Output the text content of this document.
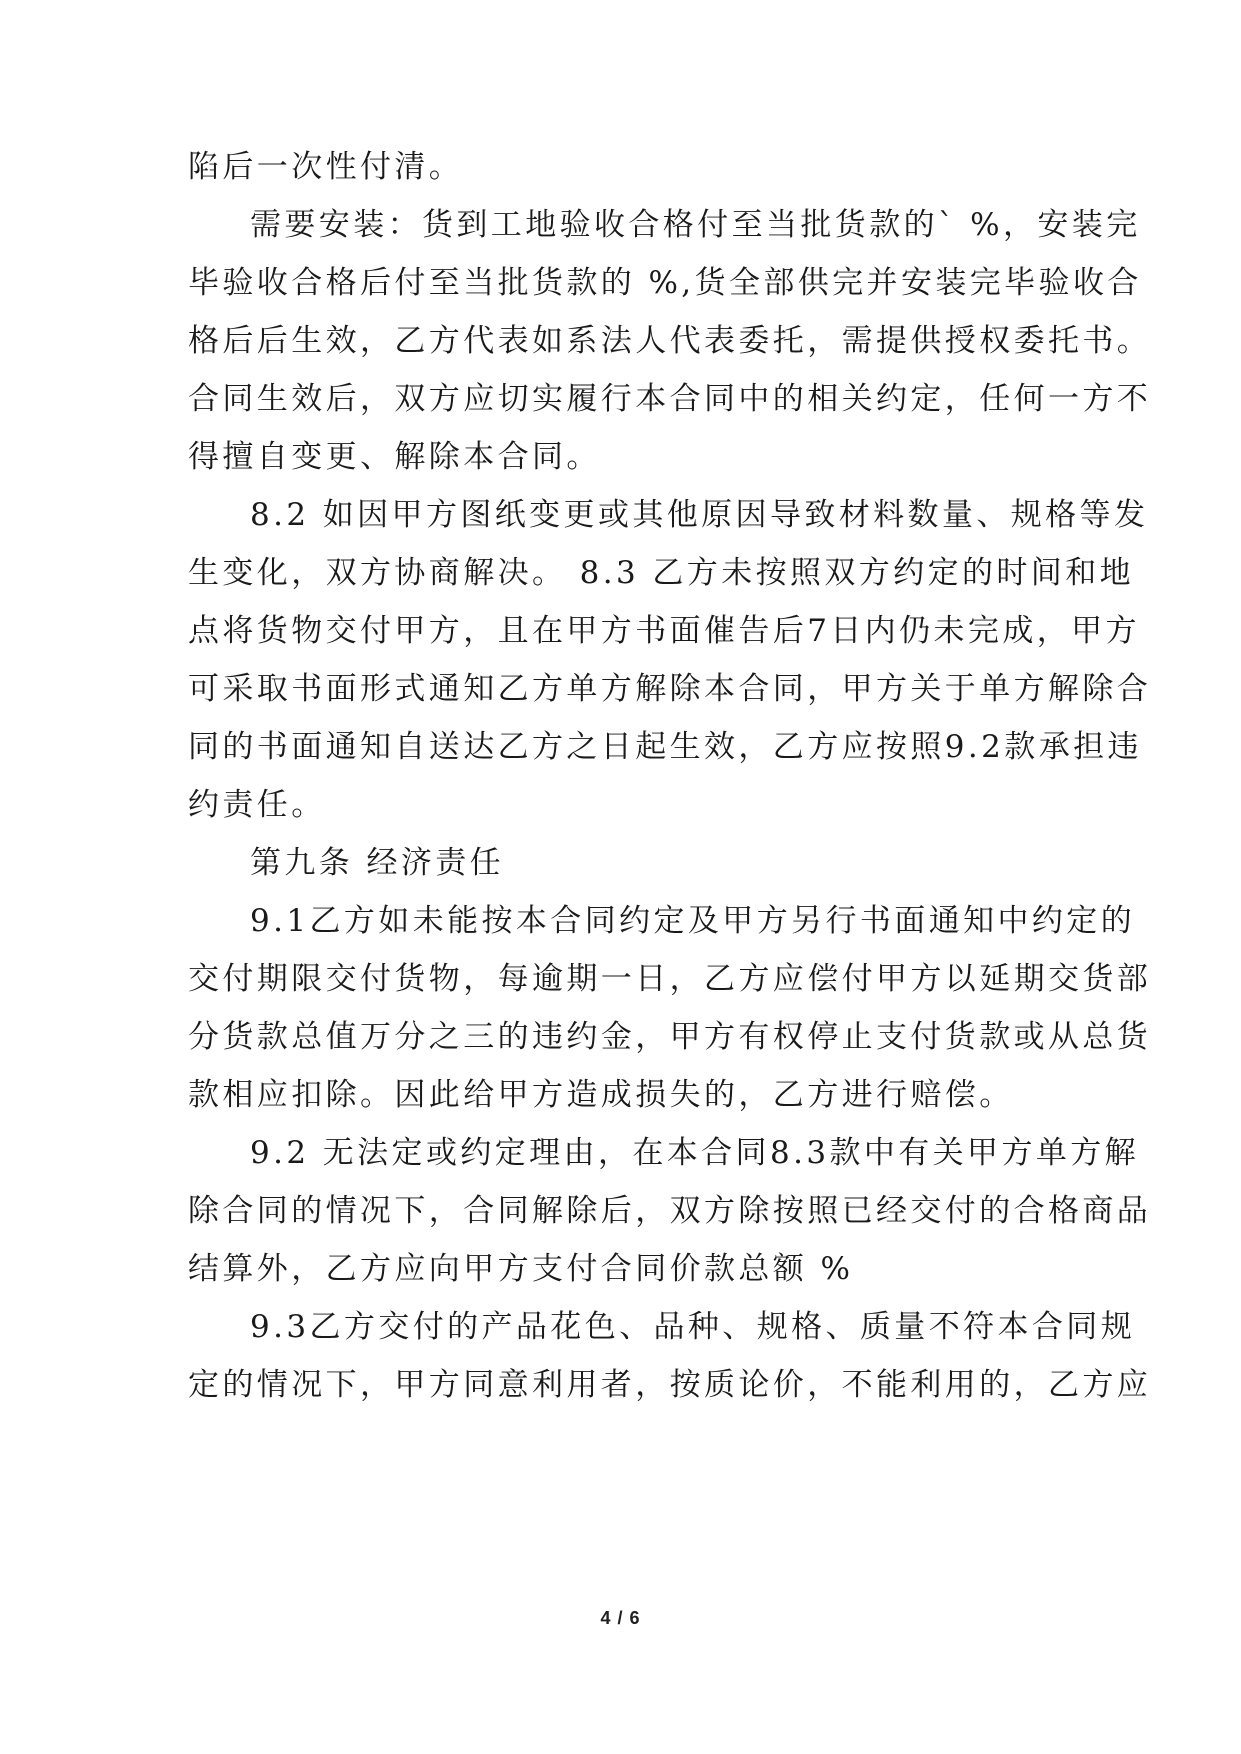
陷后一次性付清。
需要安装：货到工地验收合格付至当批货款的` %，安装完
毕验收合格后付至当批货款的 %,货全部供完并安装完毕验收合
格后后生效，乙方代表如系法人代表委托，需提供授权委托书。
合同生效后，双方应切实履行本合同中的相关约定，任何一方不
得擅自变更、解除本合同。
8.2 如因甲方图纸变更或其他原因导致材料数量、规格等发
生变化，双方协商解决。 8.3 乙方未按照双方约定的时间和地
点将货物交付甲方，且在甲方书面催告后7日内仍未完成，甲方
可采取书面形式通知乙方单方解除本合同，甲方关于单方解除合
同的书面通知自送达乙方之日起生效，乙方应按照9.2款承担违
约责任。
第九条 经济责任
9.1乙方如未能按本合同约定及甲方另行书面通知中约定的
交付期限交付货物，每逾期一日，乙方应偿付甲方以延期交货部
分货款总值万分之三的违约金，甲方有权停止支付货款或从总货
款相应扣除。因此给甲方造成损失的，乙方进行赔偿。
9.2 无法定或约定理由，在本合同8.3款中有关甲方单方解
除合同的情况下，合同解除后，双方除按照已经交付的合格商品
结算外，乙方应向甲方支付合同价款总额 %
9.3乙方交付的产品花色、品种、规格、质量不符本合同规
定的情况下，甲方同意利用者，按质论价，不能利用的，乙方应
4 / 6
